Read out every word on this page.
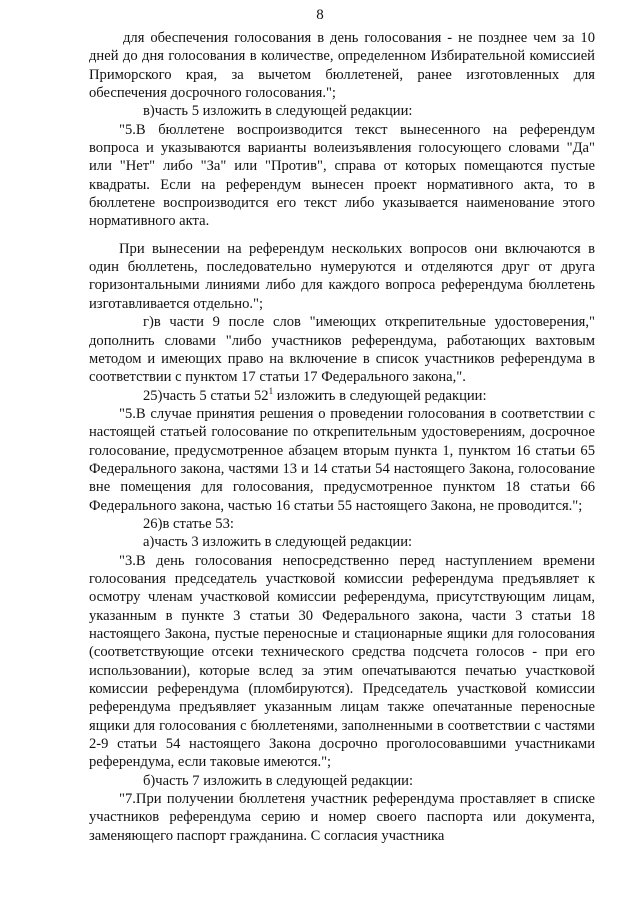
8

для обеспечения голосования в день голосования - не позднее чем за 10 дней до дня голосования в количестве, определенном Избирательной комиссией Приморского края, за вычетом бюллетеней, ранее изготовленных для обеспечения досрочного голосования.";

в)часть 5 изложить в следующей редакции:

"5.В бюллетене воспроизводится текст вынесенного на референдум вопроса и указываются варианты волеизъявления голосующего словами "Да" или "Нет" либо "За" или "Против", справа от которых помещаются пустые квадраты. Если на референдум вынесен проект нормативного акта, то в бюллетене воспроизводится его текст либо указывается наименование этого нормативного акта.

При вынесении на референдум нескольких вопросов они включаются в один бюллетень, последовательно нумеруются и отделяются друг от друга горизонтальными линиями либо для каждого вопроса референдума бюллетень изготавливается отдельно.";

г)в части 9 после слов "имеющих открепительные удостоверения," дополнить словами "либо участников референдума, работающих вахтовым методом и имеющих право на включение в список участников референдума в соответствии с пунктом 17 статьи 17 Федерального закона,".

25)часть 5 статьи $52^1$ изложить в следующей редакции:

"5.В случае принятия решения о проведении голосования в соответствии с настоящей статьей голосование по открепительным удостоверениям, досрочное голосование, предусмотренное абзацем вторым пункта 1, пунктом 16 статьи 65 Федерального закона, частями 13 и 14 статьи 54 настоящего Закона, голосование вне помещения для голосования, предусмотренное пунктом 18 статьи 66 Федерального закона, частью 16 статьи 55 настоящего Закона, не проводится.";

26)в статье 53:

а)часть 3 изложить в следующей редакции:

"3.В день голосования непосредственно перед наступлением времени голосования председатель участковой комиссии референдума предъявляет к осмотру членам участковой комиссии референдума, присутствующим лицам, указанным в пункте 3 статьи 30 Федерального закона, части 3 статьи 18 настоящего Закона, пустые переносные и стационарные ящики для голосования (соответствующие отсеки технического средства подсчета голосов - при его использовании), которые вслед за этим опечатываются печатью участковой комиссии референдума (пломбируются). Председатель участковой комиссии референдума предъявляет указанным лицам также опечатанные переносные ящики для голосования с бюллетенями, заполненными в соответствии с частями 2-9 статьи 54 настоящего Закона досрочно проголосовавшими участниками референдума, если таковые имеются.";

б)часть 7 изложить в следующей редакции:

"7.При получении бюллетеня участник референдума проставляет в списке участников референдума серию и номер своего паспорта или документа, заменяющего паспорт гражданина. С согласия участника
